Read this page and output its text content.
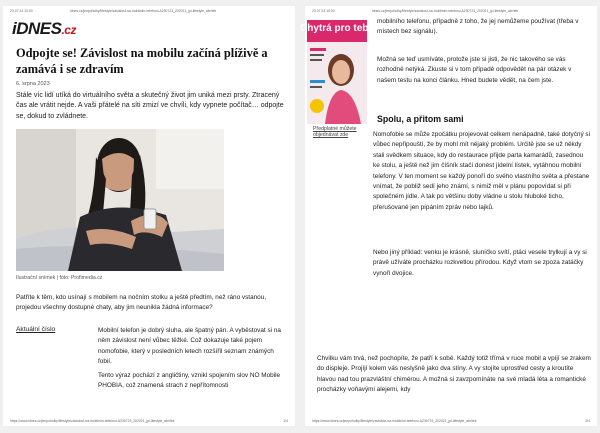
23.07.24 10:00	idnes.cz/jenpoholky/lifestyle/zavislost-na-mobilnim-telefonu.A230723_202021_jpi-lifestyle_abr/tek
iDNES.cz
Odpojte se! Závislost na mobilu začíná plíživě a zamává i se zdravím
6. srpna 2023

Stále víc lidí utíká do virtuálního světa a skutečný život jim uniká mezi prsty. Ztracený čas ale vrátit nejde. A vaši přátelé na síti zmizí ve chvíli, kdy vypnete počítač… odpojte se, dokud to zvládnete.

Ilustrační snímek | foto: Profimedia.cz

Patříte k těm, kdo usínají s mobilem na nočním stolku a ještě předtím, než ráno vstanou, projedou všechny dostupné chaty, aby jim neunikla žádná informace?

Aktuální číslo	Mobilní telefon je dobrý sluha, ale špatný pán. A vyběstovat si na něm závislost není vůbec těžké. Což dokazuje také pojem nomofobie, který v posledních letech rozšířil seznam známých fobií.

Tento výraz pochází z angličtiny, vznikl spojením slov NO Mobile PHOBIA, což znamená strach z nepřítomnosti

https://www.idnes.cz/jenpoholky/lifestyle/zavislost-na-mobilnim-telefonu.A230723_202021_jpi-lifestyle_abr/tek	1/4
23.07.24 10:00	idnes.cz/jenpoholky/lifestyle/zavislost-na-mobilnim-telefonu.A230723_202021_jpi-lifestyle_abr/tek
Chytrá pro tebe
Předplatné můžete objednávat zde

mobilního telefonu, případně z toho, že jej nemůžeme používat (třeba v místech bez signálu).

Možná se teď usmíváte, protože jste si jisti, že nic takového se vás rozhodně netýká. Zkuste si v tom případě odpovědět na pár otázek v našem testu na konci článku. Hned budete vědět, na čem jste.

Spolu, a přitom sami

Nomofobie se může zpočátku projevovat celkem nenápadně, také dotyčný si vůbec nepřipouští, že by mohl mít nějaký problém. Určitě jste se už někdy stali svědkem situace, kdy do restaurace přijde parta kamarádů, zasednou ke stolu, a ještě než jim číšník stačí donést jídelní lístek, vytáhnou mobilní telefony. V ten moment se každý ponoří do svého vlastního světa a přestane vnímat, že pobliž sedí jeho známí, s nimiž měl v plánu popovídat si při společném jídle. A tak po většinu doby vládne u stolu hluboké ticho, přerušované jen pípáním zpráv nebo lajků.

Nebo jiný příklad: venku je krásně, sluníčko svítí, ptáci vesele trylkují a vy si právě užíváte procházku rozkvetlou přírodou. Když vtom se zpoza zatáčky vynoří dvojice.

Chvilku vám trvá, než pochopíte, že patří k sobě. Každý totiž třímá v ruce mobil a vpíjí se zrakem do displeje. Projíjí kolem vás neslyšně jako dva stíny. A vy stojíte uprostřed cesty a kroutíte hlavou nad tou prazvláštní chimérou. A možná si zavzpomínáte na své mladá léta a romantické procházky voňavými alejemi, kdy

https://www.idnes.cz/jenpoholky/lifestyle/zavislost-na-mobilnim-telefonu.A230723_202021_jpi-lifestyle_abr/tek	2/4
